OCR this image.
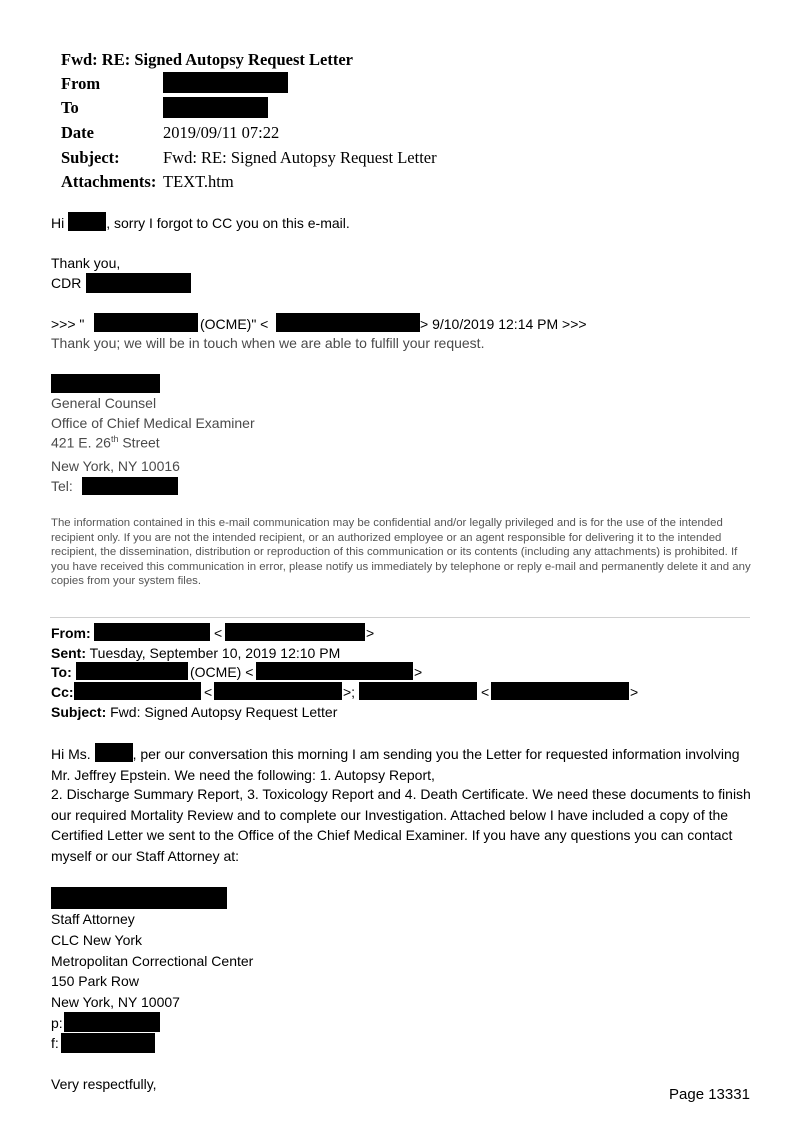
Fwd: RE: Signed Autopsy Request Letter
From
To
Date	2019/09/11 07:22
Subject:	Fwd: RE: Signed Autopsy Request Letter
Attachments: TEXT.htm
Hi	, sorry I forgot to CC you on this e-mail.
Thank you,
CDR
>>> "	(OCME)" <	> 9/10/2019 12:14 PM >>>
Thank you; we will be in touch when we are able to fulfill your request.
General Counsel
Office of Chief Medical Examiner
421 E. 26th Street
New York, NY 10016
Tel:
The information contained in this e-mail communication may be confidential and/or legally privileged and is for the use of the intended recipient only. If you are not the intended recipient, or an authorized employee or an agent responsible for delivering it to the intended recipient, the dissemination, distribution or reproduction of this communication or its contents (including any attachments) is prohibited. If you have received this communication in error, please notify us immediately by telephone or reply e-mail and permanently delete it and any copies from your system files.
From:	<	>
Sent: Tuesday, September 10, 2019 12:10 PM
To:	(OCME) <	>
Cc:	<	>;	<	>
Subject: Fwd: Signed Autopsy Request Letter
Hi Ms.	, per our conversation this morning I am sending you the Letter for requested information involving Mr. Jeffrey Epstein. We need the following: 1. Autopsy Report,
2. Discharge Summary Report, 3. Toxicology Report and 4. Death Certificate. We need these documents to finish our required Mortality Review and to complete our Investigation. Attached below I have included a copy of the Certified Letter we sent to the Office of the Chief Medical Examiner. If you have any questions you can contact myself or our Staff Attorney at:
Staff Attorney
CLC New York
Metropolitan Correctional Center
150 Park Row
New York, NY 10007
p:
f:
Very respectfully,
Page 13331
